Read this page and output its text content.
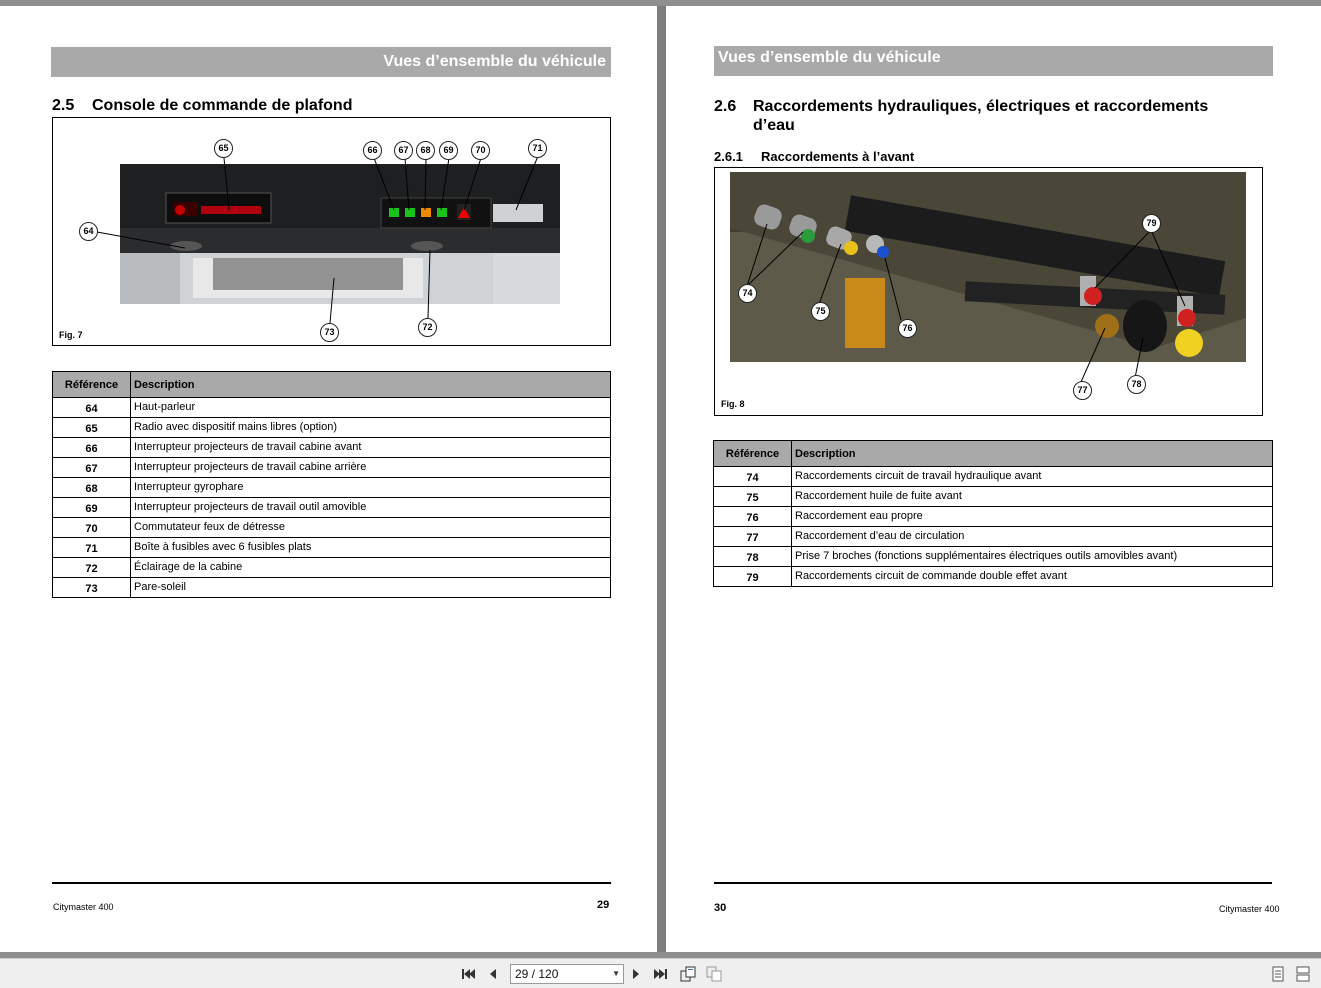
Vues d’ensemble du véhicule
2.5 Console de commande de plafond
64
65	66	67	68	69	70	71
72
73
Fig. 7
Référence	Description
64	Haut-parleur
65	Radio avec dispositif mains libres (option)
66	Interrupteur projecteurs de travail cabine avant
67	Interrupteur projecteurs de travail cabine arrière
68	Interrupteur gyrophare
69	Interrupteur projecteurs de travail outil amovible
70	Commutateur feux de détresse
71	Boîte à fusibles avec 6 fusibles plats
72	Éclairage de la cabine
73	Pare-soleil
Citymaster 400	29
Vues d’ensemble du véhicule
2.6 Raccordements hydrauliques, électriques et raccordements
d’eau
2.6.1 Raccordements à l’avant
74
75
76
77
78
79
Fig. 8
Référence	Description
74	Raccordements circuit de travail hydraulique avant
75	Raccordement huile de fuite avant
76	Raccordement eau propre
77	Raccordement d’eau de circulation
78	Prise 7 broches (fonctions supplémentaires électriques outils amovibles avant)
79	Raccordements circuit de commande double effet avant
30	Citymaster 400
29 / 120	▼
